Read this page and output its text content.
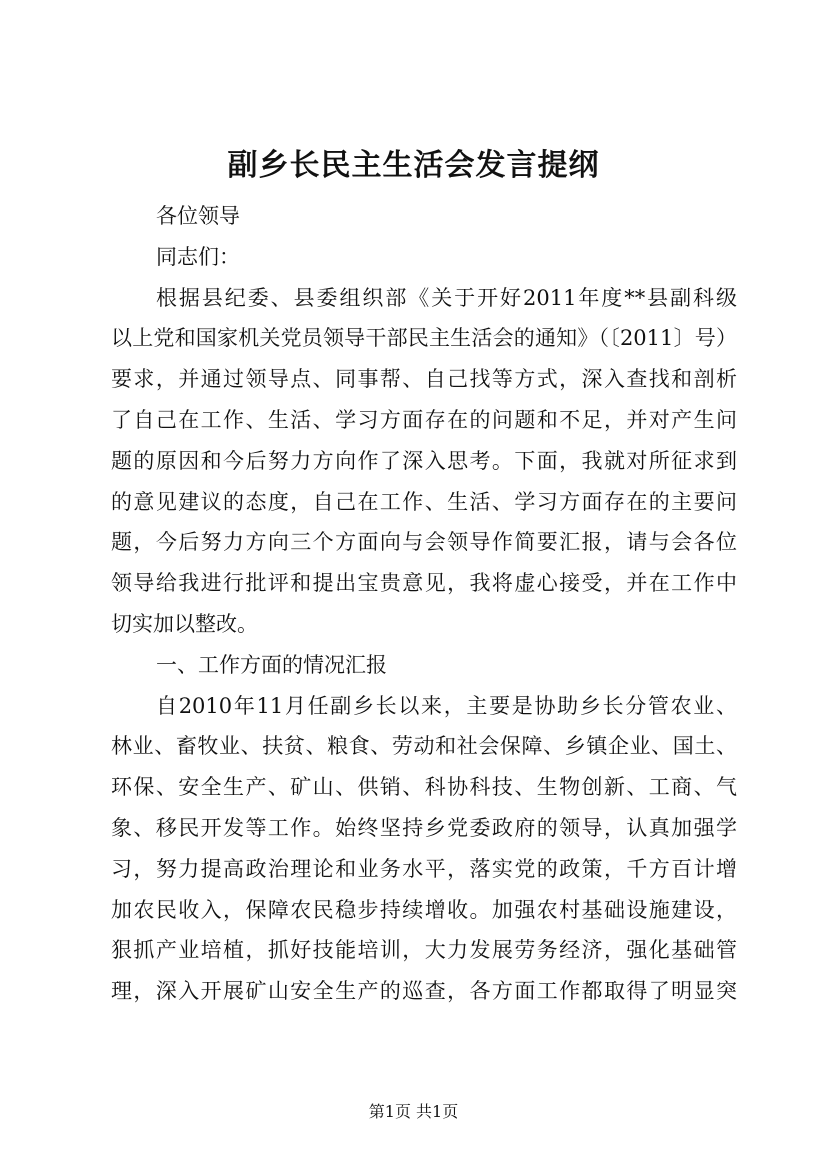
副乡长民主生活会发言提纲
各位领导
同志们：
根据县纪委、县委组织部《关于开好2011年度**县副科级
以上党和国家机关党员领导干部民主生活会的通知》（〔2011〕号）
要求，并通过领导点、同事帮、自己找等方式，深入查找和剖析
了自己在工作、生活、学习方面存在的问题和不足，并对产生问
题的原因和今后努力方向作了深入思考。下面，我就对所征求到
的意见建议的态度，自己在工作、生活、学习方面存在的主要问
题，今后努力方向三个方面向与会领导作简要汇报，请与会各位
领导给我进行批评和提出宝贵意见，我将虚心接受，并在工作中
切实加以整改。
一、工作方面的情况汇报
自2010年11月任副乡长以来，主要是协助乡长分管农业、
林业、畜牧业、扶贫、粮食、劳动和社会保障、乡镇企业、国土、
环保、安全生产、矿山、供销、科协科技、生物创新、工商、气
象、移民开发等工作。始终坚持乡党委政府的领导，认真加强学
习，努力提高政治理论和业务水平，落实党的政策，千方百计增
加农民收入，保障农民稳步持续增收。加强农村基础设施建设，
狠抓产业培植，抓好技能培训，大力发展劳务经济，强化基础管
理，深入开展矿山安全生产的巡查，各方面工作都取得了明显突
第1页 共1页
